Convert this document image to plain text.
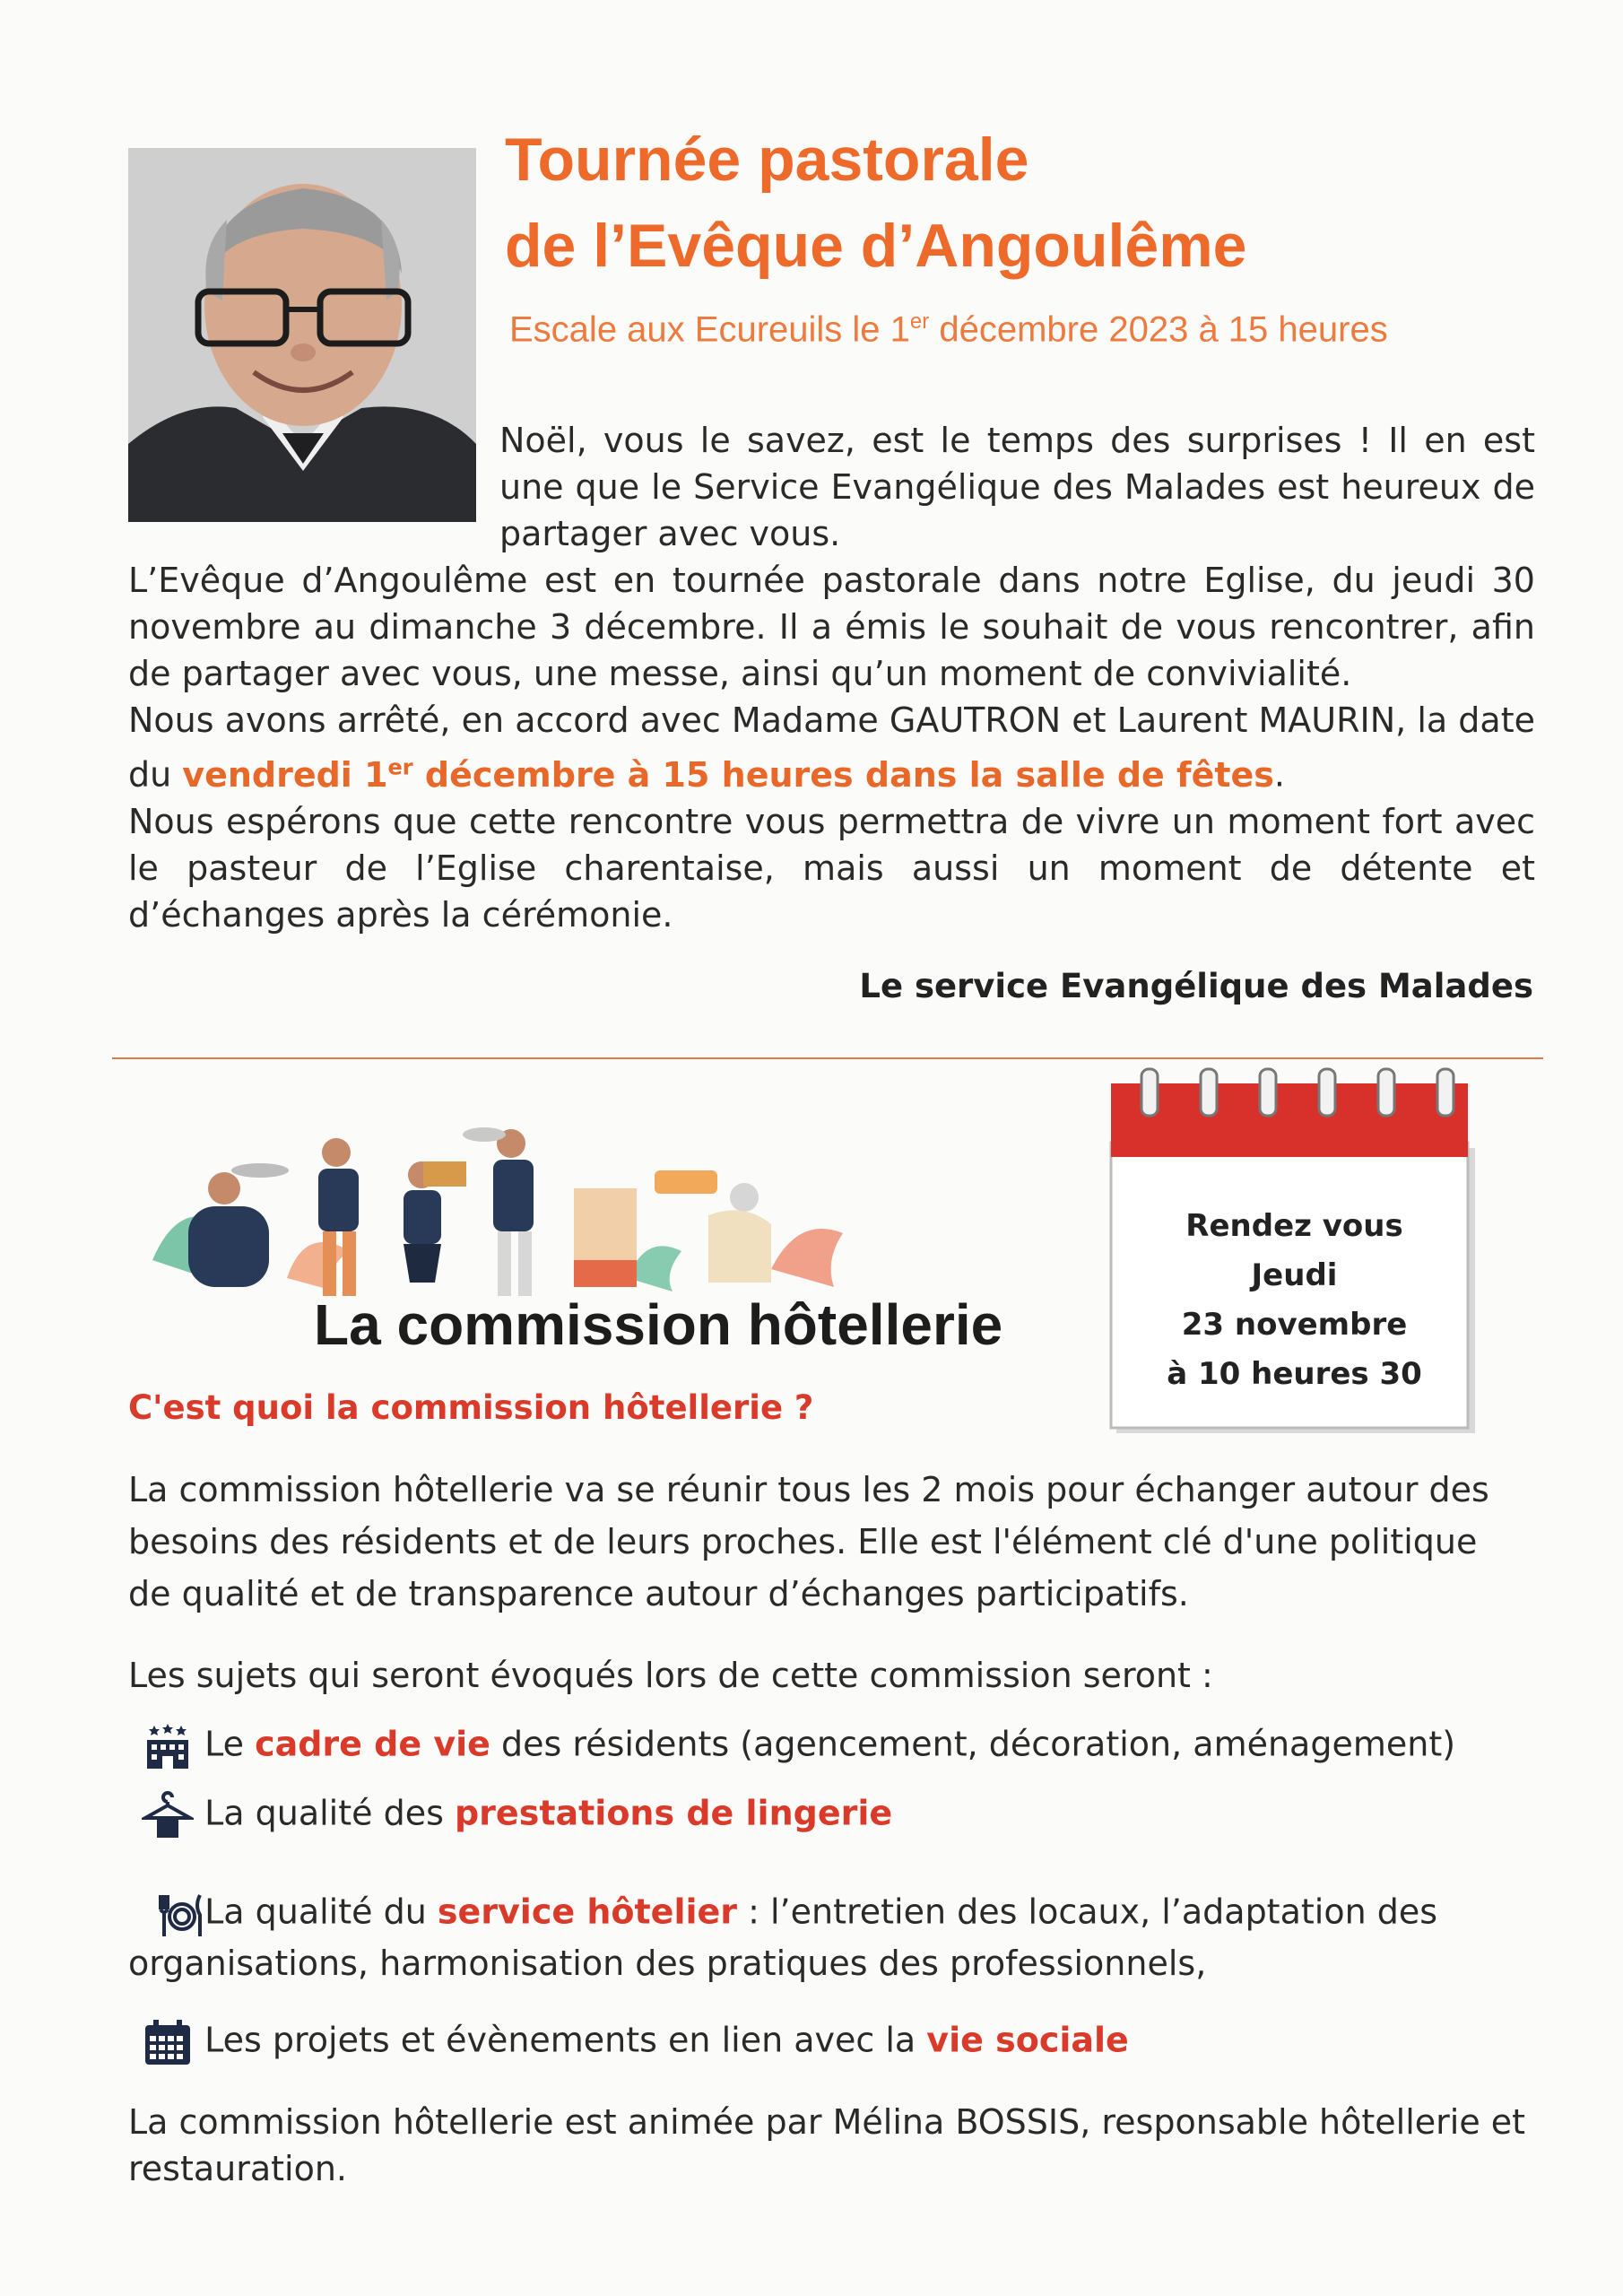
Tournée pastorale
de l’Evêque d’Angoulême
Escale aux Ecureuils le 1er décembre 2023 à 15 heures
Noël, vous le savez, est le temps des surprises ! Il en est une que le Service Evangélique des Malades est heureux de partager avec vous.
L’Evêque d’Angoulême est en tournée pastorale dans notre Eglise, du jeudi 30 novembre au dimanche 3 décembre. Il a émis le souhait de vous rencontrer, afin de partager avec vous, une messe, ainsi qu’un moment de convivialité.
Nous avons arrêté, en accord avec Madame GAUTRON et Laurent MAURIN, la date du vendredi 1er décembre à 15 heures dans la salle de fêtes.
Nous espérons que cette rencontre vous permettra de vivre un moment fort avec le pasteur de l’Eglise charentaise, mais aussi un moment de détente et d’échanges après la cérémonie.
Le service Evangélique des Malades
Rendez vous
Jeudi
23 novembre
à 10 heures 30
La commission hôtellerie
C'est quoi la commission hôtellerie ?
La commission hôtellerie va se réunir tous les 2 mois pour échanger autour des besoins des résidents et de leurs proches. Elle est l'élément clé d'une politique de qualité et de transparence autour d’échanges participatifs.
Les sujets qui seront évoqués lors de cette commission seront :
Le cadre de vie des résidents (agencement, décoration, aménagement)
La qualité des prestations de lingerie
La qualité du service hôtelier : l’entretien des locaux, l’adaptation des organisations, harmonisation des pratiques des professionnels,
Les projets et évènements en lien avec la vie sociale
La commission hôtellerie est animée par Mélina BOSSIS, responsable hôtellerie et restauration.
